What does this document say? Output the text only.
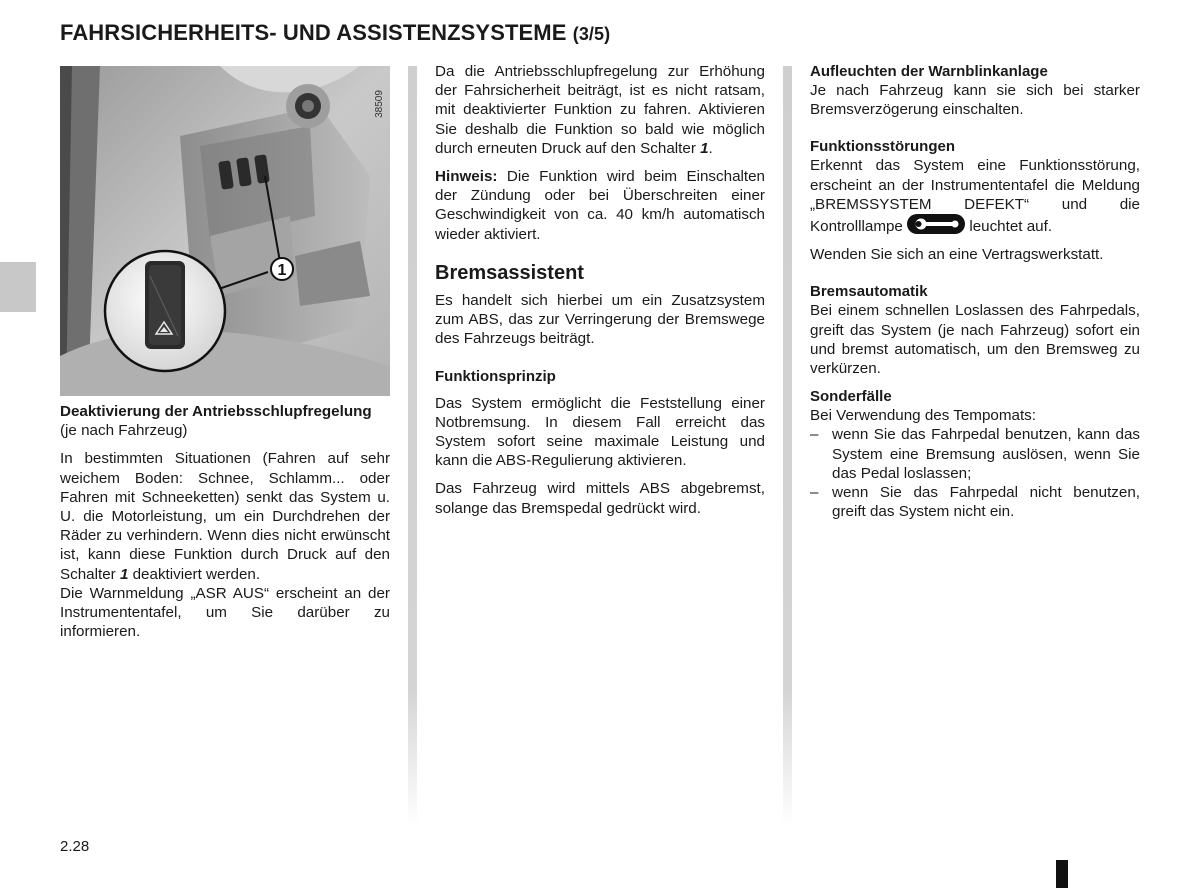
FAHRSICHERHEITS- UND ASSISTENZSYSTEME (3/5)
1
38509

Deaktivierung der Antriebsschlupfregelung

(je nach Fahrzeug)

In bestimmten Situationen (Fahren auf sehr weichem Boden: Schnee, Schlamm... oder Fahren mit Schneeketten) senkt das System u. U. die Motorleistung, um ein Durchdrehen der Räder zu verhindern. Wenn dies nicht erwünscht ist, kann diese Funktion durch Druck auf den Schalter 1 deaktiviert werden.

Die Warnmeldung „ASR AUS“ erscheint an der Instrumententafel, um Sie darüber zu informieren.

Da die Antriebsschlupfregelung zur Erhöhung der Fahrsicherheit beiträgt, ist es nicht ratsam, mit deaktivierter Funktion zu fahren. Aktivieren Sie deshalb die Funktion so bald wie möglich durch erneuten Druck auf den Schalter 1.

Hinweis: Die Funktion wird beim Einschalten der Zündung oder bei Überschreiten einer Geschwindigkeit von ca. 40 km/h automatisch wieder aktiviert.

Bremsassistent

Es handelt sich hierbei um ein Zusatzsystem zum ABS, das zur Verringerung der Bremswege des Fahrzeugs beiträgt.

Funktionsprinzip

Das System ermöglicht die Feststellung einer Notbremsung. In diesem Fall erreicht das System sofort seine maximale Leistung und kann die ABS-Regulierung aktivieren.

Das Fahrzeug wird mittels ABS abgebremst, solange das Bremspedal gedrückt wird.

Aufleuchten der Warnblinkanlage

Je nach Fahrzeug kann sie sich bei starker Bremsverzögerung einschalten.

Funktionsstörungen

Erkennt das System eine Funktionsstörung, erscheint an der Instrumententafel die Meldung „BREMSSYSTEM DEFEKT“ und die Kontrolllampe	leuchtet auf.

Wenden Sie sich an eine Vertragswerkstatt.

Bremsautomatik

Bei einem schnellen Loslassen des Fahrpedals, greift das System (je nach Fahrzeug) sofort ein und bremst automatisch, um den Bremsweg zu verkürzen.

Sonderfälle

Bei Verwendung des Tempomats:

– wenn Sie das Fahrpedal benutzen, kann das System eine Bremsung auslösen, wenn Sie das Pedal loslassen;
– wenn Sie das Fahrpedal nicht benutzen, greift das System nicht ein.
2.28
